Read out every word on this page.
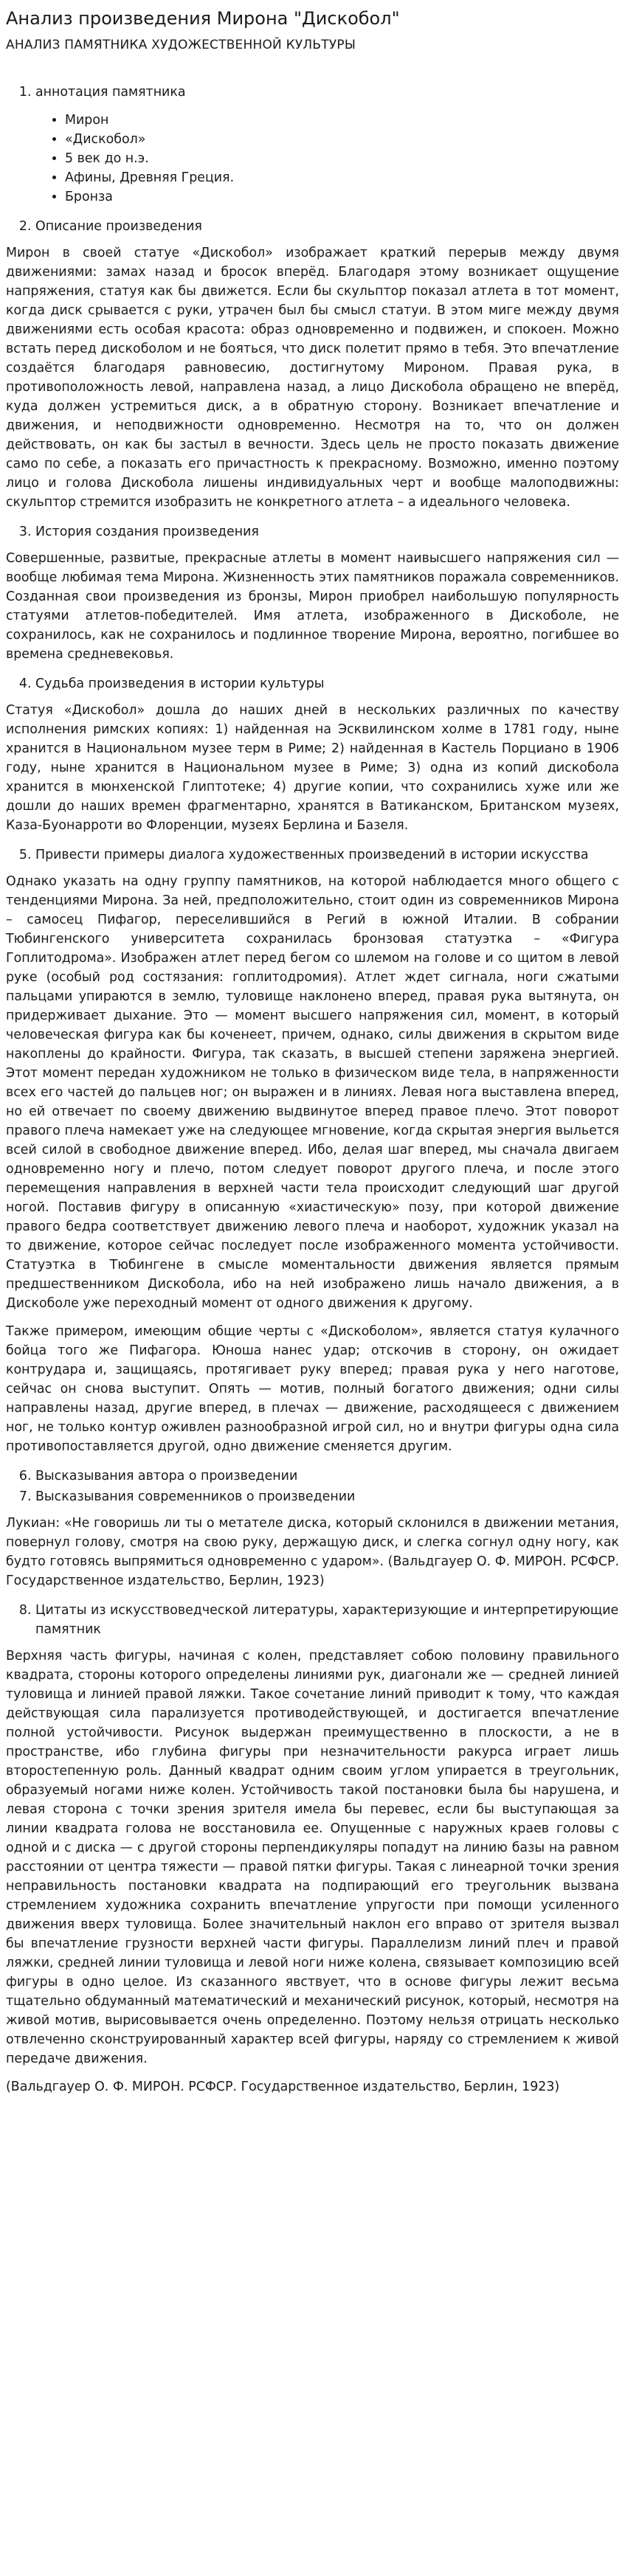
Анализ произведения Мирона "Дискобол"
АНАЛИЗ ПАМЯТНИКА ХУДОЖЕСТВЕННОЙ КУЛЬТУРЫ
1. аннотация памятника
• Мирон
• «Дискобол»
• 5 век до н.э.
• Афины, Древняя Греция.
• Бронза
2. Описание произведения

Мирон в своей статуе «Дискобол» изображает краткий перерыв между двумя движениями: замах назад и бросок вперёд. Благодаря этому возникает ощущение напряжения, статуя как бы движется. Если бы скульптор показал атлета в тот момент, когда диск срывается с руки, утрачен был бы смысл статуи. В этом миге между двумя движениями есть особая красота: образ одновременно и подвижен, и спокоен. Можно встать перед дискоболом и не бояться, что диск полетит прямо в тебя. Это впечатление создаётся благодаря равновесию, достигнутому Мироном. Правая рука, в противоположность левой, направлена назад, а лицо Дискобола обращено не вперёд, куда должен устремиться диск, а в обратную сторону. Возникает впечатление и движения, и неподвижности одновременно. Несмотря на то, что он должен действовать, он как бы застыл в вечности. Здесь цель не просто показать движение само по себе, а показать его причастность к прекрасному. Возможно, именно поэтому лицо и голова Дискобола лишены индивидуальных черт и вообще малоподвижны: скульптор стремится изобразить не конкретного атлета – а идеального человека.

3. История создания произведения

Совершенные, развитые, прекрасные атлеты в момент наивысшего напряжения сил — вообще любимая тема Мирона. Жизненность этих памятников поражала современников. Созданная свои произведения из бронзы, Мирон приобрел наибольшую популярность статуями атлетов-победителей. Имя атлета, изображенного в Дискоболе, не сохранилось, как не сохранилось и подлинное творение Мирона, вероятно, погибшее во времена средневековья.

4. Судьба произведения в истории культуры

Статуя «Дискобол» дошла до наших дней в нескольких различных по качеству исполнения римских копиях: 1) найденная на Эсквилинском холме в 1781 году, ныне хранится в Национальном музее терм в Риме; 2) найденная в Кастель Порциано в 1906 году, ныне хранится в Национальном музее в Риме; 3) одна из копий дискобола хранится в мюнхенской Глиптотеке; 4) другие копии, что сохранились хуже или же дошли до наших времен фрагментарно, хранятся в Ватиканском, Британском музеях, Каза-Буонарроти во Флоренции, музеях Берлина и Базеля.

5. Привести примеры диалога художественных произведений в истории искусства

Однако указать на одну группу памятников, на которой наблюдается много общего с тенденциями Мирона. За ней, предположительно, стоит один из современников Мирона – самосец Пифагор, переселившийся в Регий в южной Италии. В собрании Тюбингенского университета сохранилась бронзовая статуэтка – «Фигура Гоплитодрома». Изображен атлет перед бегом со шлемом на голове и со щитом в левой руке (особый род состязания: гоплитодромия). Атлет ждет сигнала, ноги сжатыми пальцами упираются в землю, туловище наклонено вперед, правая рука вытянута, он придерживает дыхание. Это — момент высшего напряжения сил, момент, в который человеческая фигура как бы коченеет, причем, однако, силы движения в скрытом виде накоплены до крайности. Фигура, так сказать, в высшей степени заряжена энергией. Этот момент передан художником не только в физическом виде тела, в напряженности всех его частей до пальцев ног; он выражен и в линиях. Левая нога выставлена вперед, но ей отвечает по своему движению выдвинутое вперед правое плечо. Этот поворот правого плеча намекает уже на следующее мгновение, когда скрытая энергия выльется всей силой в свободное движение вперед. Ибо, делая шаг вперед, мы сначала двигаем одновременно ногу и плечо, потом следует поворот другого плеча, и после этого перемещения направления в верхней части тела происходит следующий шаг другой ногой. Поставив фигуру в описанную «хиастическую» позу, при которой движение правого бедра соответствует движению левого плеча и наоборот, художник указал на то движение, которое сейчас последует после изображенного момента устойчивости. Статуэтка в Тюбингене в смысле моментальности движения является прямым предшественником Дискобола, ибо на ней изображено лишь начало движения, а в Дискоболе уже переходный момент от одного движения к другому.

Также примером, имеющим общие черты с «Дискоболом», является статуя кулачного бойца того же Пифагора. Юноша нанес удар; отскочив в сторону, он ожидает контрудара и, защищаясь, протягивает руку вперед; правая рука у него наготове, сейчас он снова выступит. Опять — мотив, полный богатого движения; одни силы направлены назад, другие вперед, в плечах — движение, расходящееся с движением ног, не только контур оживлен разнообразной игрой сил, но и внутри фигуры одна сила противопоставляется другой, одно движение сменяется другим.

6. Высказывания автора о произведении
7. Высказывания современников о произведении

Лукиан: «Не говоришь ли ты о метателе диска, который склонился в движении метания, повернул голову, смотря на свою руку, держащую диск, и слегка согнул одну ногу, как будто готовясь выпрямиться одновременно с ударом». (Вальдгауер О. Ф. МИРОН. РСФСР. Государственное издательство, Берлин, 1923)

8. Цитаты из искусствоведческой литературы, характеризующие и интерпретирующие памятник

Верхняя часть фигуры, начиная с колен, представляет собою половину правильного квадрата, стороны которого определены линиями рук, диагонали же — средней линией туловища и линией правой ляжки. Такое сочетание линий приводит к тому, что каждая действующая сила парализуется противодействующей, и достигается впечатление полной устойчивости. Рисунок выдержан преимущественно в плоскости, а не в пространстве, ибо глубина фигуры при незначительности ракурса играет лишь второстепенную роль. Данный квадрат одним своим углом упирается в треугольник, образуемый ногами ниже колен. Устойчивость такой постановки была бы нарушена, и левая сторона с точки зрения зрителя имела бы перевес, если бы выступающая за линии квадрата голова не восстановила ее. Опущенные с наружных краев головы с одной и с диска — с другой стороны перпендикуляры попадут на линию базы на равном расстоянии от центра тяжести — правой пятки фигуры. Такая с линеарной точки зрения неправильность постановки квадрата на подпирающий его треугольник вызвана стремлением художника сохранить впечатление упругости при помощи усиленного движения вверх туловища. Более значительный наклон его вправо от зрителя вызвал бы впечатление грузности верхней части фигуры. Параллелизм линий плеч и правой ляжки, средней линии туловища и левой ноги ниже колена, связывает композицию всей фигуры в одно целое. Из сказанного явствует, что в основе фигуры лежит весьма тщательно обдуманный математический и механический рисунок, который, несмотря на живой мотив, вырисовывается очень определенно. Поэтому нельзя отрицать несколько отвлеченно сконструированный характер всей фигуры, наряду со стремлением к живой передаче движения.

(Вальдгауер О. Ф. МИРОН. РСФСР. Государственное издательство, Берлин, 1923)
